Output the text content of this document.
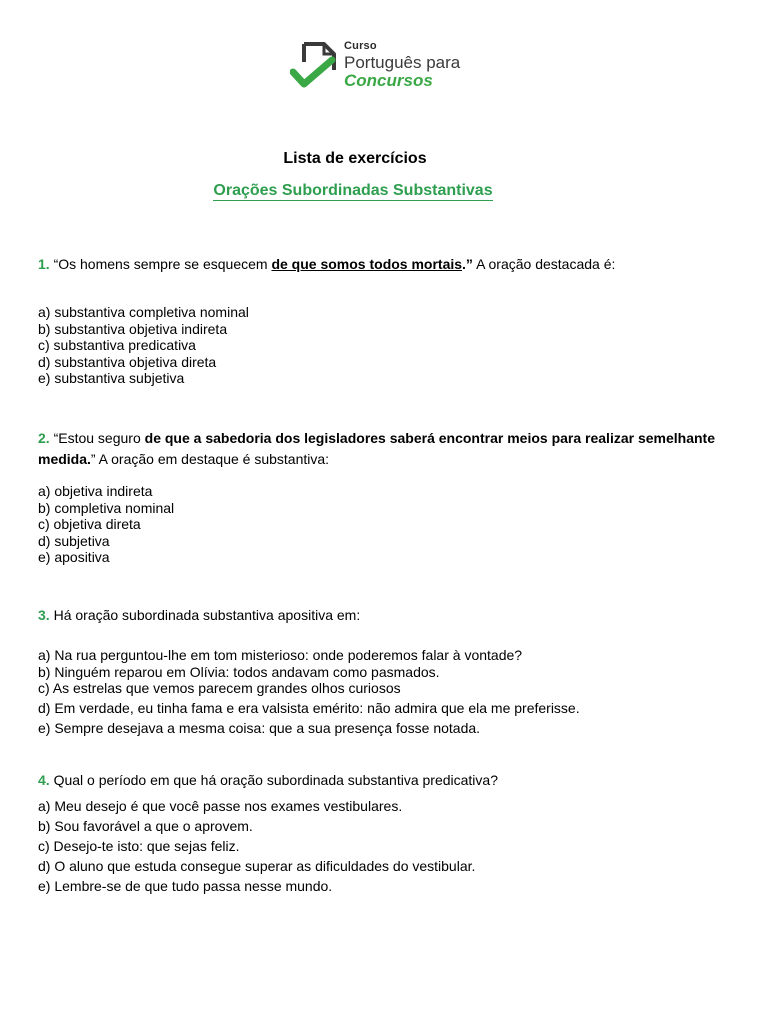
Curso
Português para
Concursos
Lista de exercícios
Orações Subordinadas Substantivas
1. “Os homens sempre se esquecem de que somos todos mortais.” A oração destacada é:
a) substantiva completiva nominal
b) substantiva objetiva indireta
c) substantiva predicativa
d) substantiva objetiva direta
e) substantiva subjetiva
2. “Estou seguro de que a sabedoria dos legisladores saberá encontrar meios para realizar semelhante medida.” A oração em destaque é substantiva:
a) objetiva indireta
b) completiva nominal
c) objetiva direta
d) subjetiva
e) apositiva
3. Há oração subordinada substantiva apositiva em:
a) Na rua perguntou-lhe em tom misterioso: onde poderemos falar à vontade?
b) Ninguém reparou em Olívia: todos andavam como pasmados.
c) As estrelas que vemos parecem grandes olhos curiosos
d) Em verdade, eu tinha fama e era valsista emérito: não admira que ela me preferisse.
e) Sempre desejava a mesma coisa: que a sua presença fosse notada.
4. Qual o período em que há oração subordinada substantiva predicativa?
a) Meu desejo é que você passe nos exames vestibulares.
b) Sou favorável a que o aprovem.
c) Desejo-te isto: que sejas feliz.
d) O aluno que estuda consegue superar as dificuldades do vestibular.
e) Lembre-se de que tudo passa nesse mundo.
